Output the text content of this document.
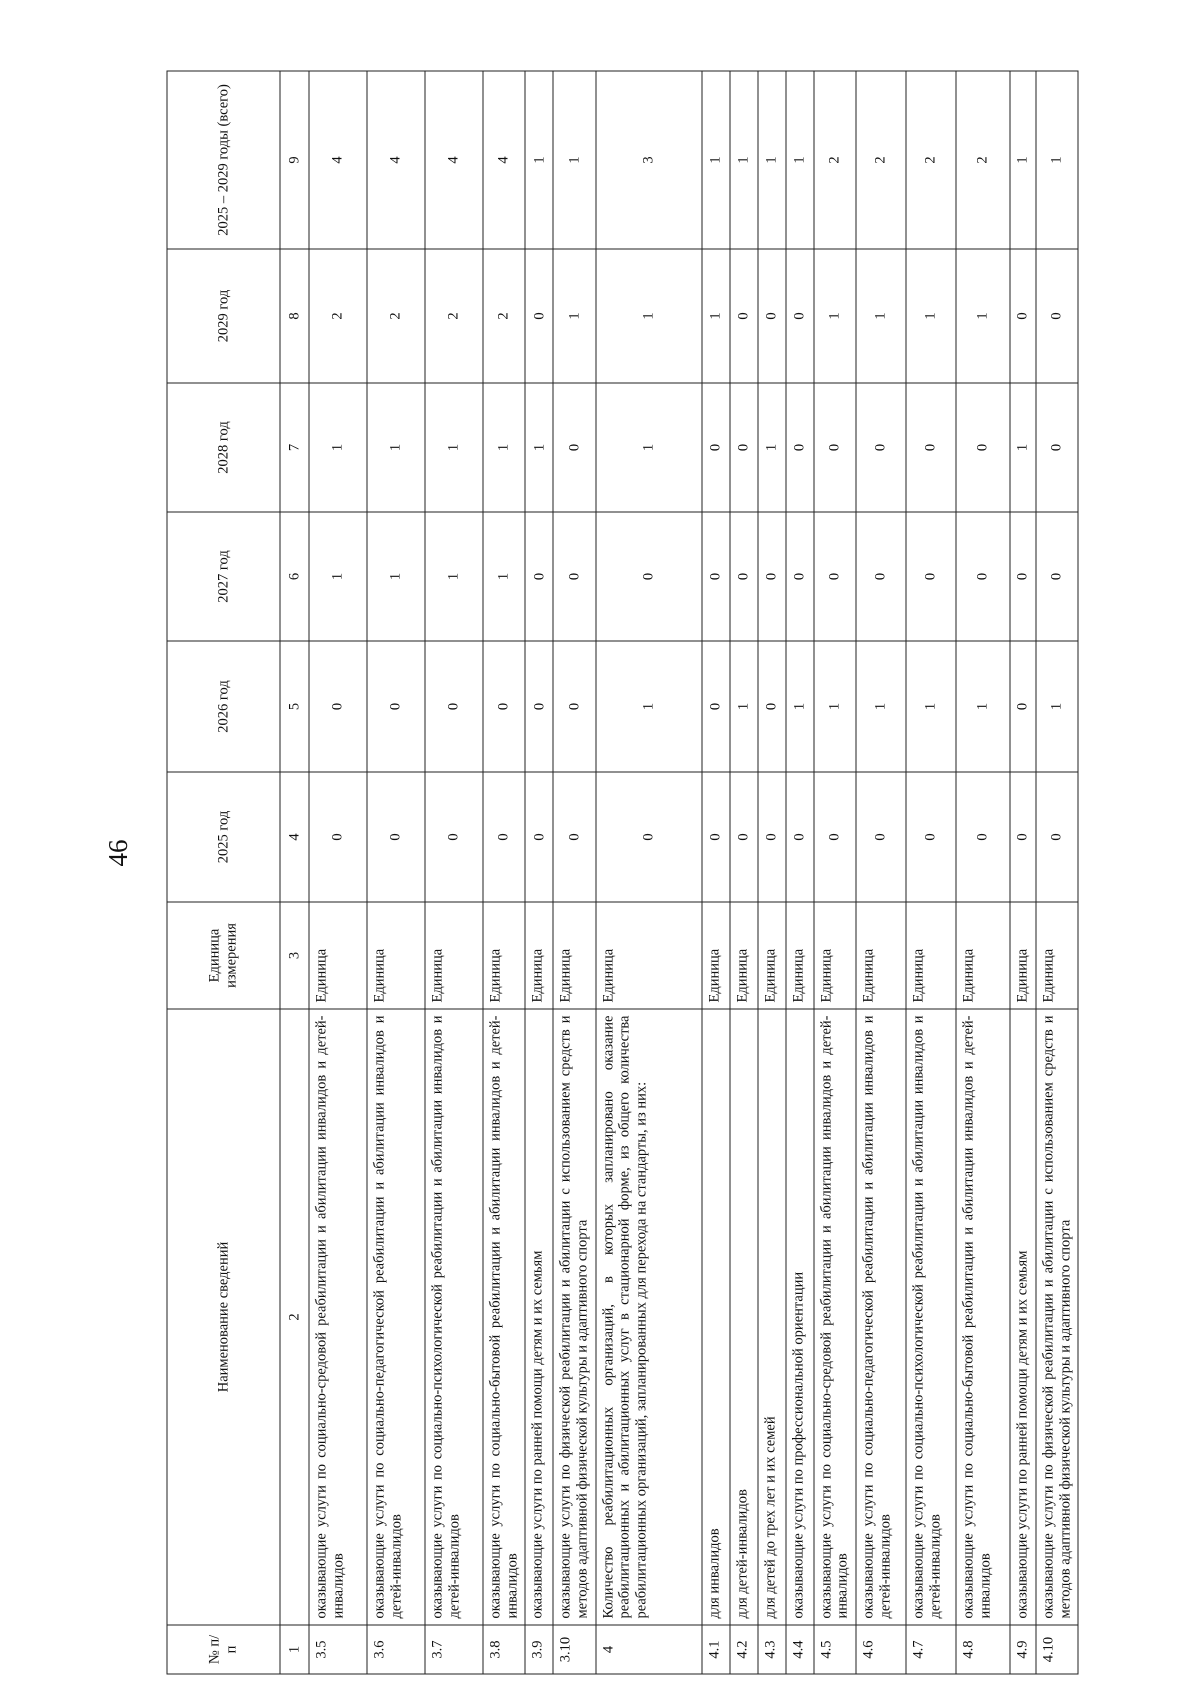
46
№ п/п	Наименование сведений	Единица измерения	2025 год	2026 год	2027 год	2028 год	2029 год	2025 – 2029 годы (всего)
1	2	3	4	5	6	7	8	9
3.5	оказывающие услуги по социально-средовой реабилитации и абилитации инвалидов и детей-инвалидов	Единица	0	0	1	1	2	4
3.6	оказывающие услуги по социально-педагогической реабилитации и абилитации инвалидов и детей-инвалидов	Единица	0	0	1	1	2	4
3.7	оказывающие услуги по социально-психологической реабилитации и абилитации инвалидов и детей-инвалидов	Единица	0	0	1	1	2	4
3.8	оказывающие услуги по социально-бытовой реабилитации и абилитации инвалидов и детей-инвалидов	Единица	0	0	1	1	2	4
3.9	оказывающие услуги по ранней помощи детям и их семьям	Единица	0	0	0	1	0	1
3.10	оказывающие услуги по физической реабилитации и абилитации с использованием средств и методов адаптивной физической культуры и адаптивного спорта	Единица	0	0	0	0	1	1
4	Количество реабилитационных организаций, в которых запланировано оказание реабилитационных и абилитационных услуг в стационарной форме, из общего количества реабилитационных организаций, запланированных для перехода на стандарты, из них:	Единица	0	1	0	1	1	3
4.1	для инвалидов	Единица	0	0	0	0	1	1
4.2	для детей-инвалидов	Единица	0	1	0	0	0	1
4.3	для детей до трех лет и их семей	Единица	0	0	0	1	0	1
4.4	оказывающие услуги по профессиональной ориентации	Единица	0	1	0	0	0	1
4.5	оказывающие услуги по социально-средовой реабилитации и абилитации инвалидов и детей-инвалидов	Единица	0	1	0	0	1	2
4.6	оказывающие услуги по социально-педагогической реабилитации и абилитации инвалидов и детей-инвалидов	Единица	0	1	0	0	1	2
4.7	оказывающие услуги по социально-психологической реабилитации и абилитации инвалидов и детей-инвалидов	Единица	0	1	0	0	1	2
4.8	оказывающие услуги по социально-бытовой реабилитации и абилитации инвалидов и детей-инвалидов	Единица	0	1	0	0	1	2
4.9	оказывающие услуги по ранней помощи детям и их семьям	Единица	0	0	0	1	0	1
4.10	оказывающие услуги по физической реабилитации и абилитации с использованием средств и методов адаптивной физической культуры и адаптивного спорта	Единица	0	1	0	0	0	1
